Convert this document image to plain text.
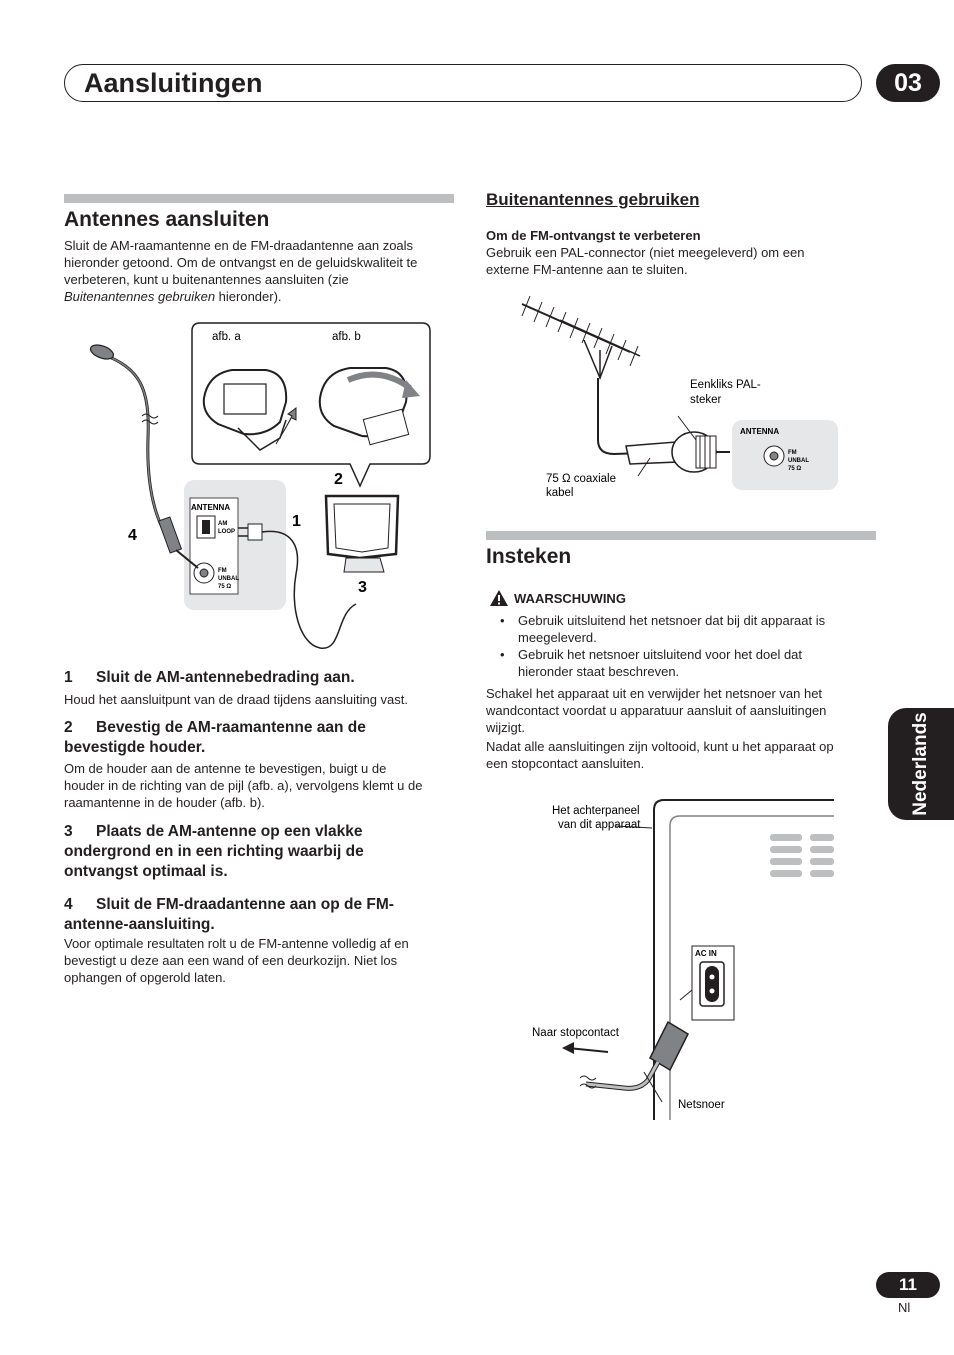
Aansluitingen	03
Antennes aansluiten
Sluit de AM-raamantenne en de FM-draadantenne aan zoals
hieronder getoond. Om de ontvangst en de geluidskwaliteit te
verbeteren, kunt u buitenantennes aansluiten (zie
Buitenantennes gebruiken hieronder).
ANTENNA
AM
LOOP
FM
UNBAL
75 Ω
afb. a	afb. b
2
1
4
3
1 Sluit de AM-antennebedrading aan.
Houd het aansluitpunt van de draad tijdens aansluiting vast.
2 Bevestig de AM-raamantenne aan de
bevestigde houder.
Om de houder aan de antenne te bevestigen, buigt u de
houder in de richting van de pijl (afb. a), vervolgens klemt u de
raamantenne in de houder (afb. b).
3 Plaats de AM-antenne op een vlakke
ondergrond en in een richting waarbij de
ontvangst optimaal is.
4 Sluit de FM-draadantenne aan op de FM-
antenne-aansluiting.
Voor optimale resultaten rolt u de FM-antenne volledig af en
bevestigt u deze aan een wand of een deurkozijn. Niet los
ophangen of opgerold laten.
Buitenantennes gebruiken
Om de FM-ontvangst te verbeteren
Gebruik een PAL-connector (niet meegeleverd) om een
externe FM-antenne aan te sluiten.
ANTENNA
FM
UNBAL
75 Ω
Eenkliks PAL-
steker
75 Ω coaxiale
kabel
Insteken
WAARSCHUWING
• Gebruik uitsluitend het netsnoer dat bij dit apparaat is
meegeleverd.
• Gebruik het netsnoer uitsluitend voor het doel dat
hieronder staat beschreven.
Schakel het apparaat uit en verwijder het netsnoer van het
wandcontact voordat u apparatuur aansluit of aansluitingen
wijzigt.
Nadat alle aansluitingen zijn voltooid, kunt u het apparaat op
een stopcontact aansluiten.
AC IN
Het achterpaneel
van dit apparaat
Naar stopcontact
Netsnoer
Nederlands
11
Nl
